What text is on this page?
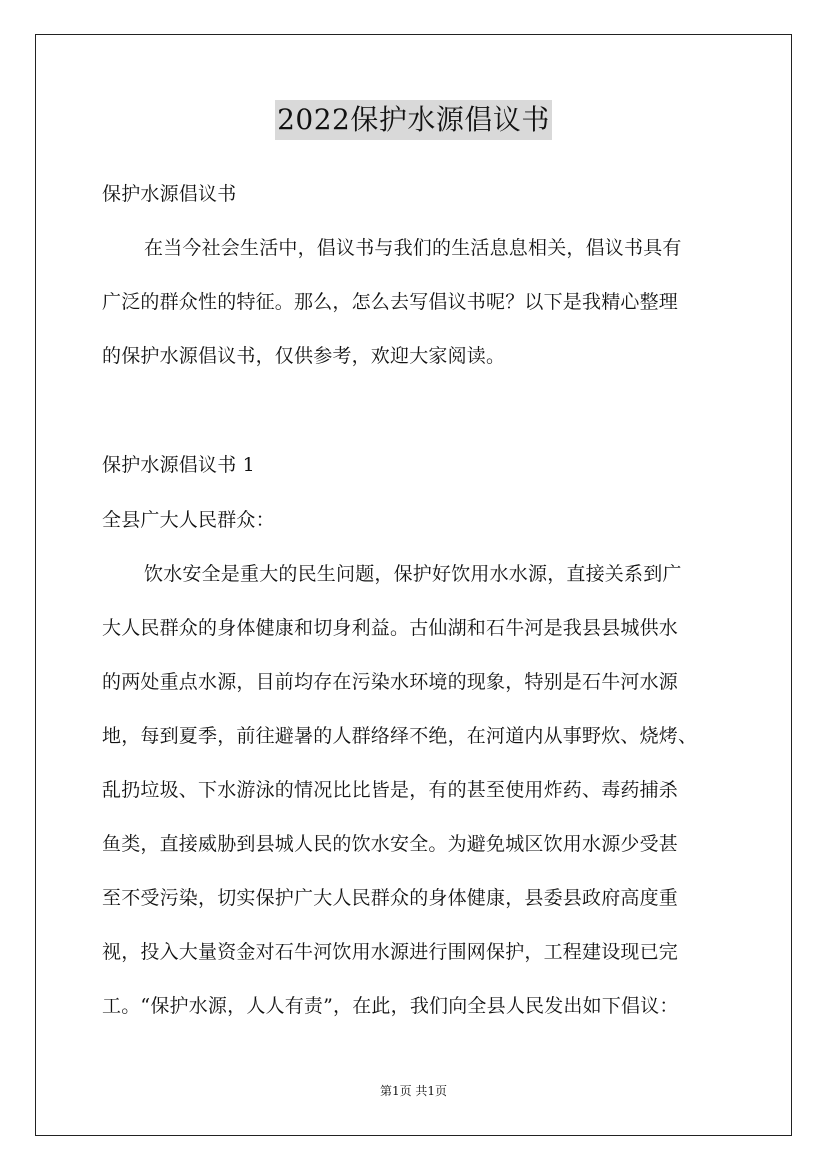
2022保护水源倡议书
保护水源倡议书
在当今社会生活中，倡议书与我们的生活息息相关，倡议书具有
广泛的群众性的特征。那么，怎么去写倡议书呢？以下是我精心整理
的保护水源倡议书，仅供参考，欢迎大家阅读。
保护水源倡议书 1
全县广大人民群众：
饮水安全是重大的民生问题，保护好饮用水水源，直接关系到广
大人民群众的身体健康和切身利益。古仙湖和石牛河是我县县城供水
的两处重点水源，目前均存在污染水环境的现象，特别是石牛河水源
地，每到夏季，前往避暑的人群络绎不绝，在河道内从事野炊、烧烤、
乱扔垃圾、下水游泳的情况比比皆是，有的甚至使用炸药、毒药捕杀
鱼类，直接威胁到县城人民的饮水安全。为避免城区饮用水源少受甚
至不受污染，切实保护广大人民群众的身体健康，县委县政府高度重
视，投入大量资金对石牛河饮用水源进行围网保护，工程建设现已完
工。“保护水源，人人有责”，在此，我们向全县人民发出如下倡议：
第1页 共1页
